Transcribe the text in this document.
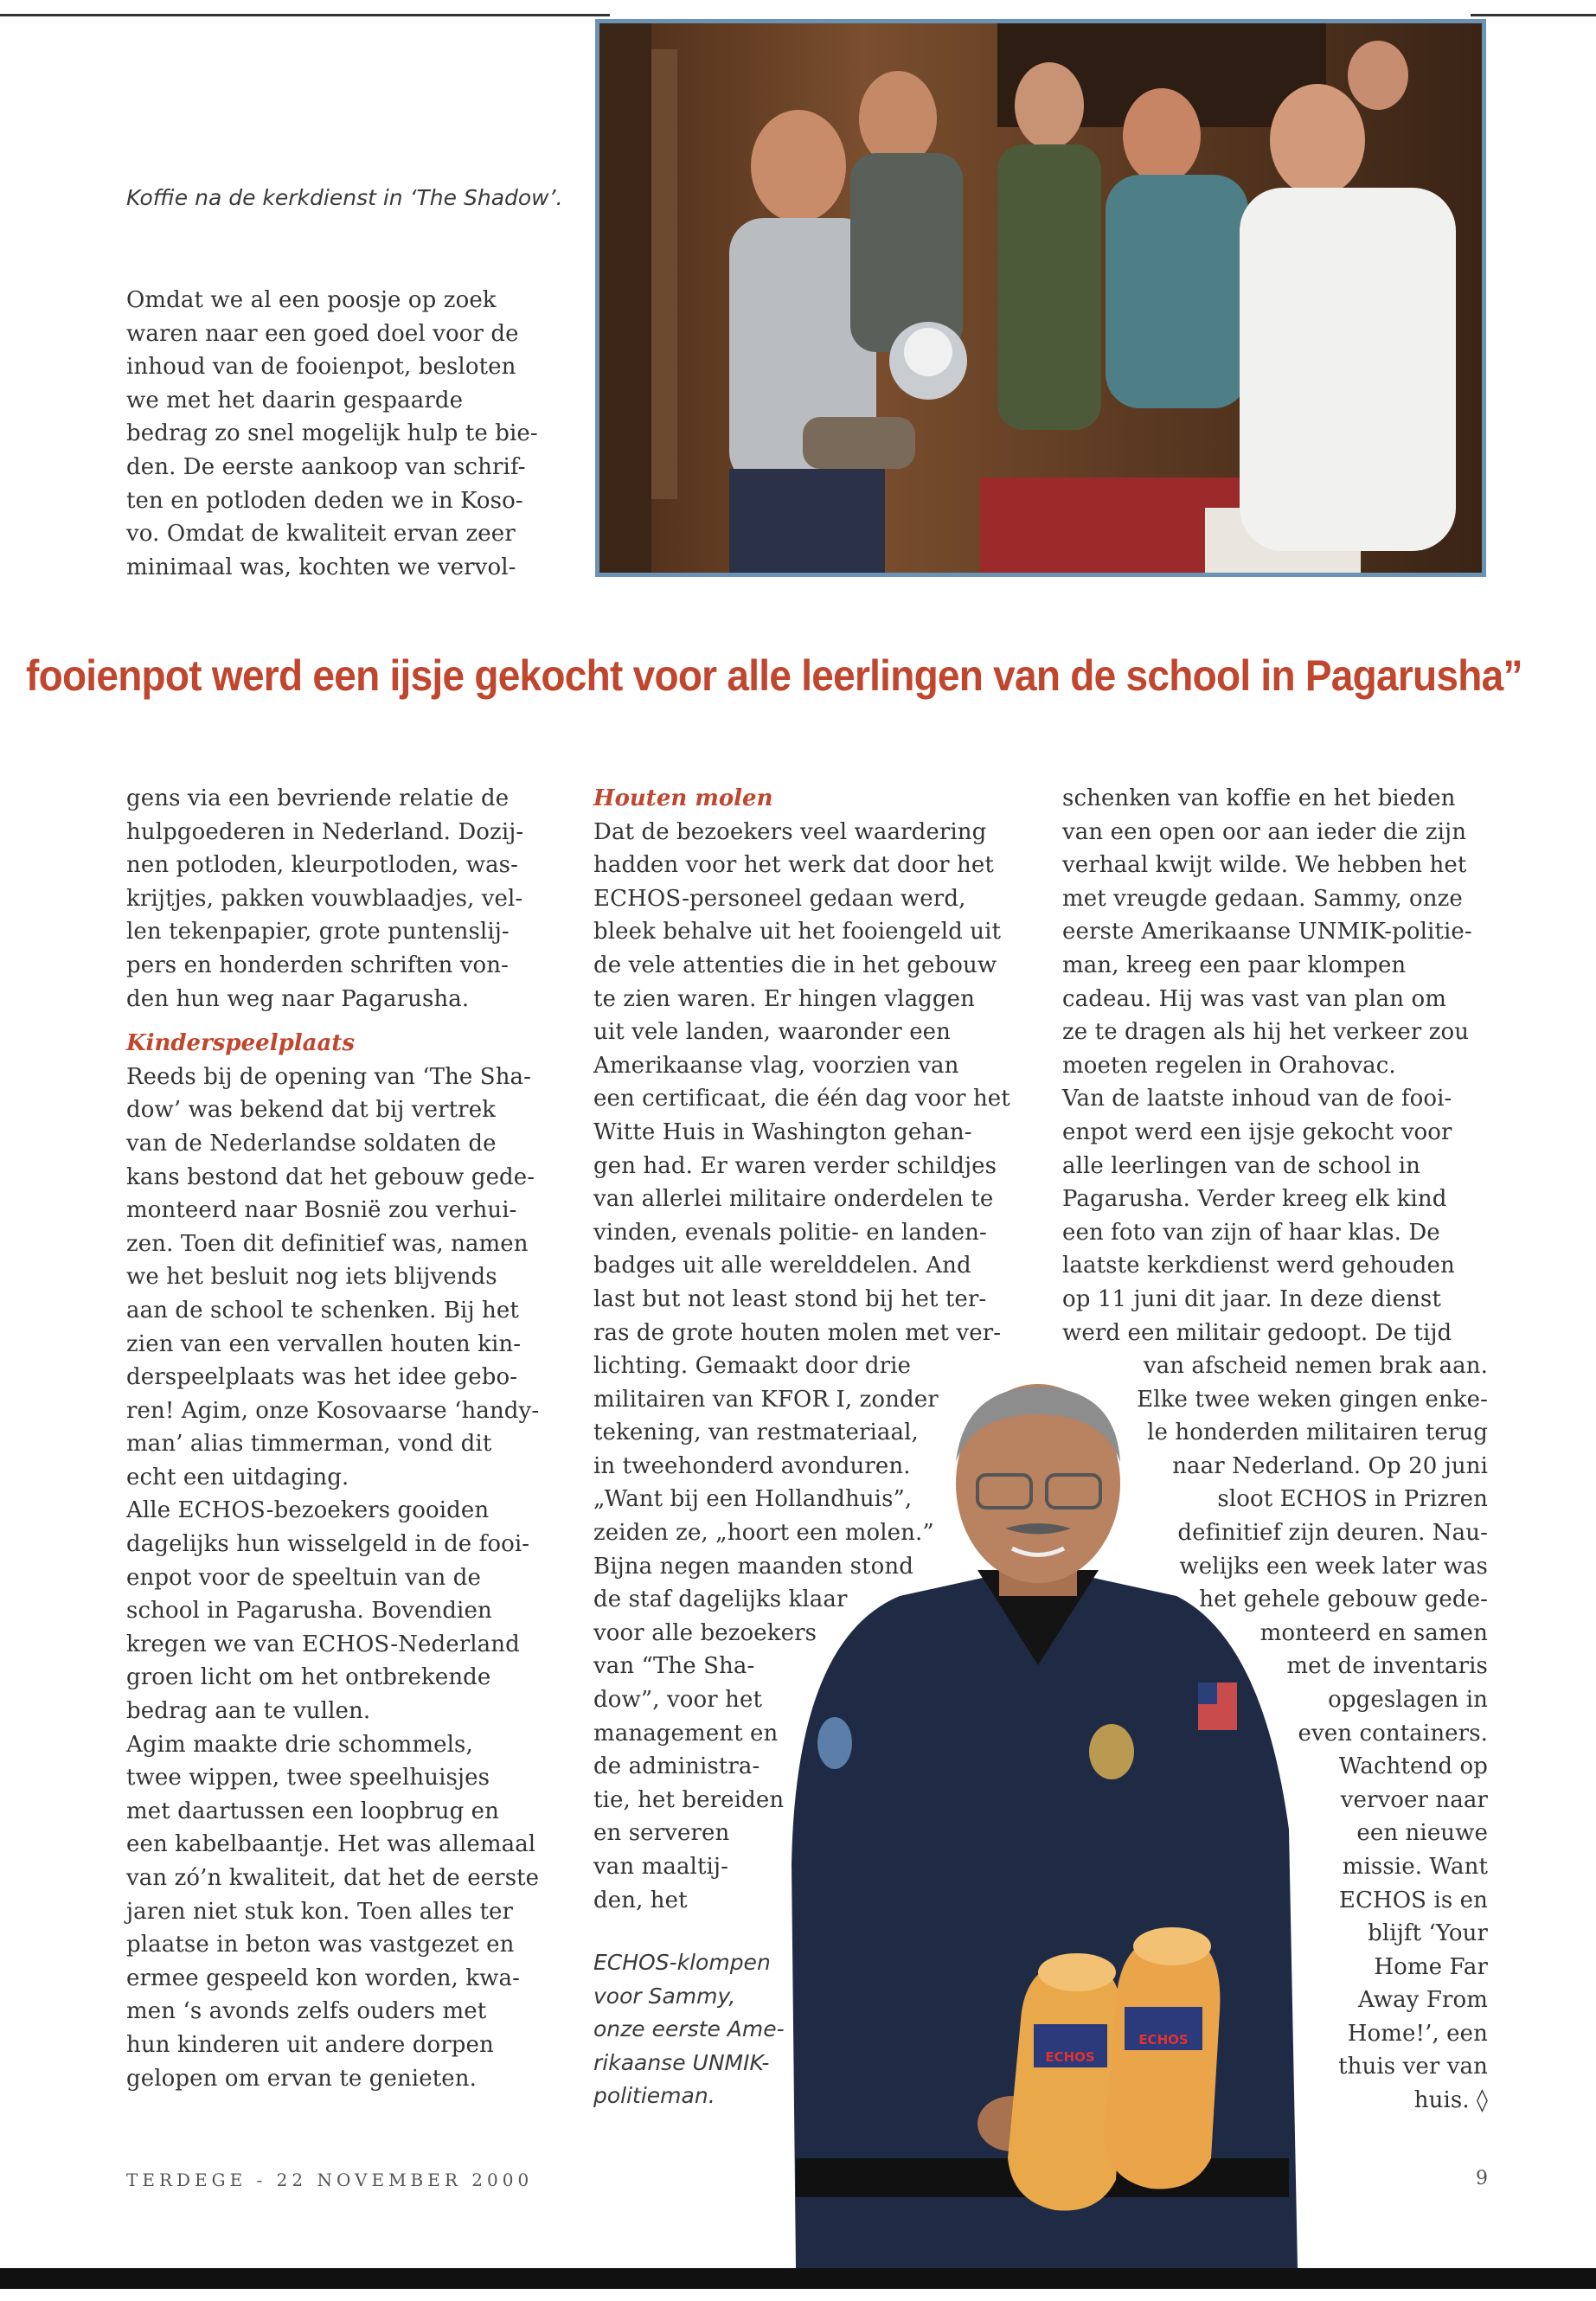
Koffie na de kerkdienst in ‘The Shadow’.
Omdat we al een poosje op zoek
waren naar een goed doel voor de
inhoud van de fooienpot, besloten
we met het daarin gespaarde
bedrag zo snel mogelijk hulp te bie-
den. De eerste aankoop van schrif-
ten en potloden deden we in Koso-
vo. Omdat de kwaliteit ervan zeer
minimaal was, kochten we vervol-
fooienpot werd een ijsje gekocht voor alle leerlingen van de school in Pagarusha”
gens via een bevriende relatie de
hulpgoederen in Nederland. Dozij-
nen potloden, kleurpotloden, was-
krijtjes, pakken vouwblaadjes, vel-
len tekenpapier, grote puntenslij-
pers en honderden schriften von-
den hun weg naar Pagarusha.
Kinderspeelplaats
Reeds bij de opening van ‘The Sha-
dow’ was bekend dat bij vertrek
van de Nederlandse soldaten de
kans bestond dat het gebouw gede-
monteerd naar Bosnië zou verhui-
zen. Toen dit definitief was, namen
we het besluit nog iets blijvends
aan de school te schenken. Bij het
zien van een vervallen houten kin-
derspeelplaats was het idee gebo-
ren! Agim, onze Kosovaarse ‘handy-
man’ alias timmerman, vond dit
echt een uitdaging.
Alle ECHOS-bezoekers gooiden
dagelijks hun wisselgeld in de fooi-
enpot voor de speeltuin van de
school in Pagarusha. Bovendien
kregen we van ECHOS-Nederland
groen licht om het ontbrekende
bedrag aan te vullen.
Agim maakte drie schommels,
twee wippen, twee speelhuisjes
met daartussen een loopbrug en
een kabelbaantje. Het was allemaal
van zó’n kwaliteit, dat het de eerste
jaren niet stuk kon. Toen alles ter
plaatse in beton was vastgezet en
ermee gespeeld kon worden, kwa-
men ‘s avonds zelfs ouders met
hun kinderen uit andere dorpen
gelopen om ervan te genieten.
Houten molen
Dat de bezoekers veel waardering
hadden voor het werk dat door het
ECHOS-personeel gedaan werd,
bleek behalve uit het fooiengeld uit
de vele attenties die in het gebouw
te zien waren. Er hingen vlaggen
uit vele landen, waaronder een
Amerikaanse vlag, voorzien van
een certificaat, die één dag voor het
Witte Huis in Washington gehan-
gen had. Er waren verder schildjes
van allerlei militaire onderdelen te
vinden, evenals politie- en landen-
badges uit alle werelddelen. And
last but not least stond bij het ter-
ras de grote houten molen met ver-
lichting. Gemaakt door drie
militairen van KFOR I, zonder
tekening, van restmateriaal,
in tweehonderd avonduren.
„Want bij een Hollandhuis”,
zeiden ze, „hoort een molen.”
Bijna negen maanden stond
de staf dagelijks klaar
voor alle bezoekers
van “The Sha-
dow”, voor het
management en
de administra-
tie, het bereiden
en serveren
van maaltij-
den, het
ECHOS-klompen
voor Sammy,
onze eerste Ame-
rikaanse UNMIK-
politieman.
ECHOS
ECHOS
schenken van koffie en het bieden
van een open oor aan ieder die zijn
verhaal kwijt wilde. We hebben het
met vreugde gedaan. Sammy, onze
eerste Amerikaanse UNMIK-politie-
man, kreeg een paar klompen
cadeau. Hij was vast van plan om
ze te dragen als hij het verkeer zou
moeten regelen in Orahovac.
Van de laatste inhoud van de fooi-
enpot werd een ijsje gekocht voor
alle leerlingen van de school in
Pagarusha. Verder kreeg elk kind
een foto van zijn of haar klas. De
laatste kerkdienst werd gehouden
op 11 juni dit jaar. In deze dienst
werd een militair gedoopt. De tijd
van afscheid nemen brak aan.
Elke twee weken gingen enke-
le honderden militairen terug
naar Nederland. Op 20 juni
sloot ECHOS in Prizren
definitief zijn deuren. Nau-
welijks een week later was
het gehele gebouw gede-
monteerd en samen
met de inventaris
opgeslagen in
even containers.
Wachtend op
vervoer naar
een nieuwe
missie. Want
ECHOS is en
blijft ‘Your
Home Far
Away From
Home!’, een
thuis ver van
huis. ◊
TERDEGE - 22 NOVEMBER 2000	9
